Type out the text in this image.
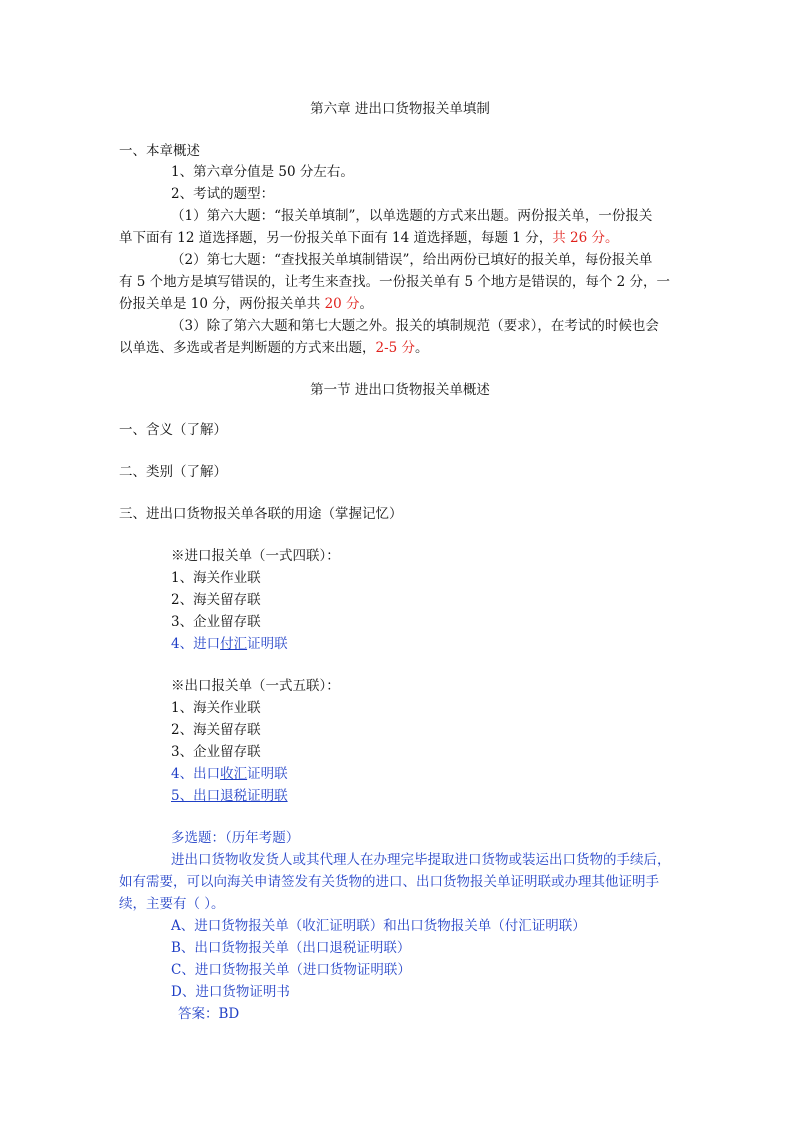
第六章 进出口货物报关单填制
一、本章概述
1、第六章分值是 50 分左右。
2、考试的题型：
（1）第六大题：“报关单填制”，以单选题的方式来出题。两份报关单，一份报关
单下面有 12 道选择题，另一份报关单下面有 14 道选择题，每题 1 分，共 26 分。
（2）第七大题：“查找报关单填制错误”，给出两份已填好的报关单，每份报关单
有 5 个地方是填写错误的，让考生来查找。一份报关单有 5 个地方是错误的，每个 2 分，一
份报关单是 10 分，两份报关单共 20 分。
（3）除了第六大题和第七大题之外。报关的填制规范（要求），在考试的时候也会
以单选、多选或者是判断题的方式来出题，2-5 分。
第一节 进出口货物报关单概述
一、含义（了解）
二、类别（了解）
三、进出口货物报关单各联的用途（掌握记忆）
※进口报关单（一式四联）：
1、海关作业联
2、海关留存联
3、企业留存联
4、进口付汇证明联
※出口报关单（一式五联）：
1、海关作业联
2、海关留存联
3、企业留存联
4、出口收汇证明联
5、出口退税证明联
多选题：（历年考题）
进出口货物收发货人或其代理人在办理完毕提取进口货物或装运出口货物的手续后，
如有需要，可以向海关申请签发有关货物的进口、出口货物报关单证明联或办理其他证明手
续，主要有（ ）。
A、进口货物报关单（收汇证明联）和出口货物报关单（付汇证明联）
B、出口货物报关单（出口退税证明联）
C、进口货物报关单（进口货物证明联）
D、进口货物证明书
答案：BD
